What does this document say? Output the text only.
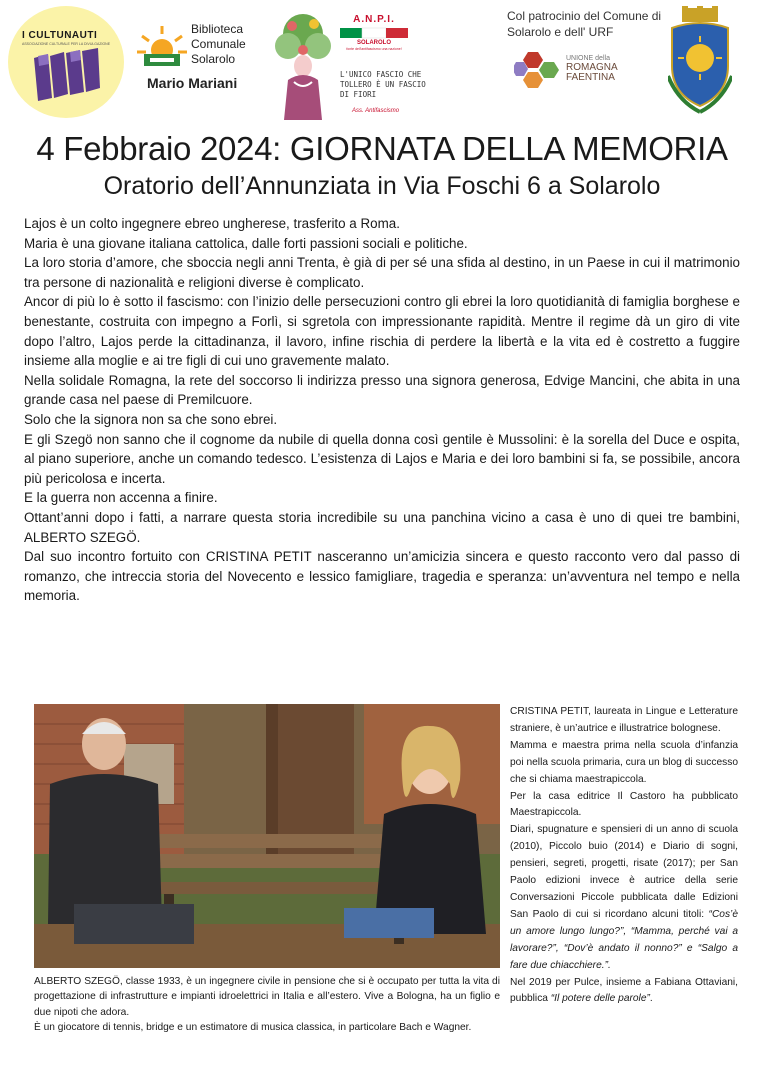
I CULTUNAUTI
ASSOCIAZIONE CULTURALE PER LA DIVULGAZIONE
Biblioteca
Comunale
Solarolo
Mario Mariani
A.N.P.I.
SOLAROLO
fonte dell'antifascismo una nazione!
L'UNICO FASCIO CHE TOLLERO È UN FASCIO DI FIORI
Ass. Antifascismo
Col patrocinio del Comune di Solarolo e dell' URF
UNIONE della
ROMAGNA
FAENTINA
4 Febbraio 2024: GIORNATA DELLA MEMORIA
Oratorio dell’Annunziata in Via Foschi 6 a Solarolo

Lajos è un colto ingegnere ebreo ungherese, trasferito a Roma.

Maria è una giovane italiana cattolica, dalle forti passioni sociali e politiche.

La loro storia d’amore, che sboccia negli anni Trenta, è già di per sé una sfida al destino, in un Paese in cui il matrimonio tra persone di nazionalità e religioni diverse è complicato.

Ancor di più lo è sotto il fascismo: con l’inizio delle persecuzioni contro gli ebrei la loro quotidianità di famiglia borghese e benestante, costruita con impegno a Forlì, si sgretola con impressionante rapidità. Mentre il regime dà un giro di vite dopo l’altro, Lajos perde la cittadinanza, il lavoro, infine rischia di perdere la libertà e la vita ed è costretto a fuggire insieme alla moglie e ai tre figli di cui uno gravemente malato.

Nella solidale Romagna, la rete del soccorso li indirizza presso una signora generosa, Edvige Mancini, che abita in una grande casa nel paese di Premilcuore.

Solo che la signora non sa che sono ebrei.

E gli Szegö non sanno che il cognome da nubile di quella donna così gentile è Mussolini: è la sorella del Duce e ospita, al piano superiore, anche un comando tedesco. L’esistenza di Lajos e Maria e dei loro bambini si fa, se possibile, ancora più pericolosa e incerta.

E la guerra non accenna a finire.

Ottant’anni dopo i fatti, a narrare questa storia incredibile su una panchina vicino a casa è uno di quei tre bambini, ALBERTO SZEGÖ.

Dal suo incontro fortuito con CRISTINA PETIT nasceranno un’amicizia sincera e questo racconto vero dal passo di romanzo, che intreccia storia del Novecento e lessico famigliare, tragedia e speranza: un’avventura nel tempo e nella memoria.

ALBERTO SZEGÖ, classe 1933, è un ingegnere civile in pensione che si è occupato per tutta la vita di progettazione di infrastrutture e impianti idroelettrici in Italia e all’estero. Vive a Bologna, ha un figlio e due nipoti che adora.

È un giocatore di tennis, bridge e un estimatore di musica classica, in particolare Bach e Wagner.

CRISTINA PETIT, laureata in Lingue e Letterature straniere, è un’autrice e illustratrice bolognese.

Mamma e maestra prima nella scuola d’infanzia poi nella scuola primaria, cura un blog di successo che si chiama maestrapiccola.

Per la casa editrice Il Castoro ha pubblicato Maestrapiccola.

Diari, spugnature e spensieri di un anno di scuola (2010), Piccolo buio (2014) e Diario di sogni, pensieri, segreti, progetti, risate (2017); per San Paolo edizioni invece è autrice della serie Conversazioni Piccole pubblicata dalle Edizioni San Paolo di cui si ricordano alcuni titoli: “Cos’è un amore lungo lungo?”, “Mamma, perché vai a lavorare?”, “Dov’è andato il nonno?” e “Salgo a fare due chiacchiere.”.

Nel 2019 per Pulce, insieme a Fabiana Ottaviani, pubblica “Il potere delle parole”.
